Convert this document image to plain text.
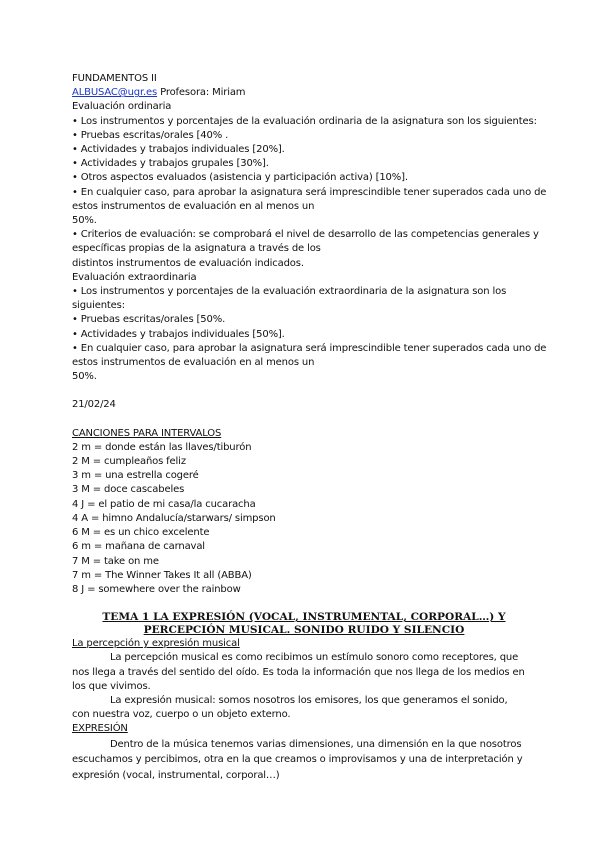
FUNDAMENTOS II
ALBUSAC@ugr.es Profesora: Miriam
Evaluación ordinaria
• Los instrumentos y porcentajes de la evaluación ordinaria de la asignatura son los siguientes:
• Pruebas escritas/orales [40% .
• Actividades y trabajos individuales [20%].
• Actividades y trabajos grupales [30%].
• Otros aspectos evaluados (asistencia y participación activa) [10%].
• En cualquier caso, para aprobar la asignatura será imprescindible tener superados cada uno de
estos instrumentos de evaluación en al menos un
50%.
• Criterios de evaluación: se comprobará el nivel de desarrollo de las competencias generales y
específicas propias de la asignatura a través de los
distintos instrumentos de evaluación indicados.
Evaluación extraordinaria
• Los instrumentos y porcentajes de la evaluación extraordinaria de la asignatura son los
siguientes:
• Pruebas escritas/orales [50%.
• Actividades y trabajos individuales [50%].
• En cualquier caso, para aprobar la asignatura será imprescindible tener superados cada uno de
estos instrumentos de evaluación en al menos un
50%.
21/02/24
CANCIONES PARA INTERVALOS
2 m = donde están las llaves/tiburón
2 M = cumpleaños feliz
3 m = una estrella cogeré
3 M = doce cascabeles
4 J = el patio de mi casa/la cucaracha
4 A = himno Andalucía/starwars/ simpson
6 M = es un chico excelente
6 m = mañana de carnaval
7 M = take on me
7 m = The Winner Takes It all (ABBA)
8 J = somewhere over the rainbow
TEMA 1 LA EXPRESIÓN (VOCAL, INSTRUMENTAL, CORPORAL…) Y
PERCEPCIÓN MUSICAL. SONIDO RUIDO Y SILENCIO
La percepción y expresión musical

La percepción musical es como recibimos un estímulo sonoro como receptores, que nos llega a través del sentido del oído. Es toda la información que nos llega de los medios en los que vivimos.

La expresión musical: somos nosotros los emisores, los que generamos el sonido, con nuestra voz, cuerpo o un objeto externo.

EXPRESIÓN

Dentro de la música tenemos varias dimensiones, una dimensión en la que nosotros escuchamos y percibimos, otra en la que creamos o improvisamos y una de interpretación y expresión (vocal, instrumental, corporal…)
